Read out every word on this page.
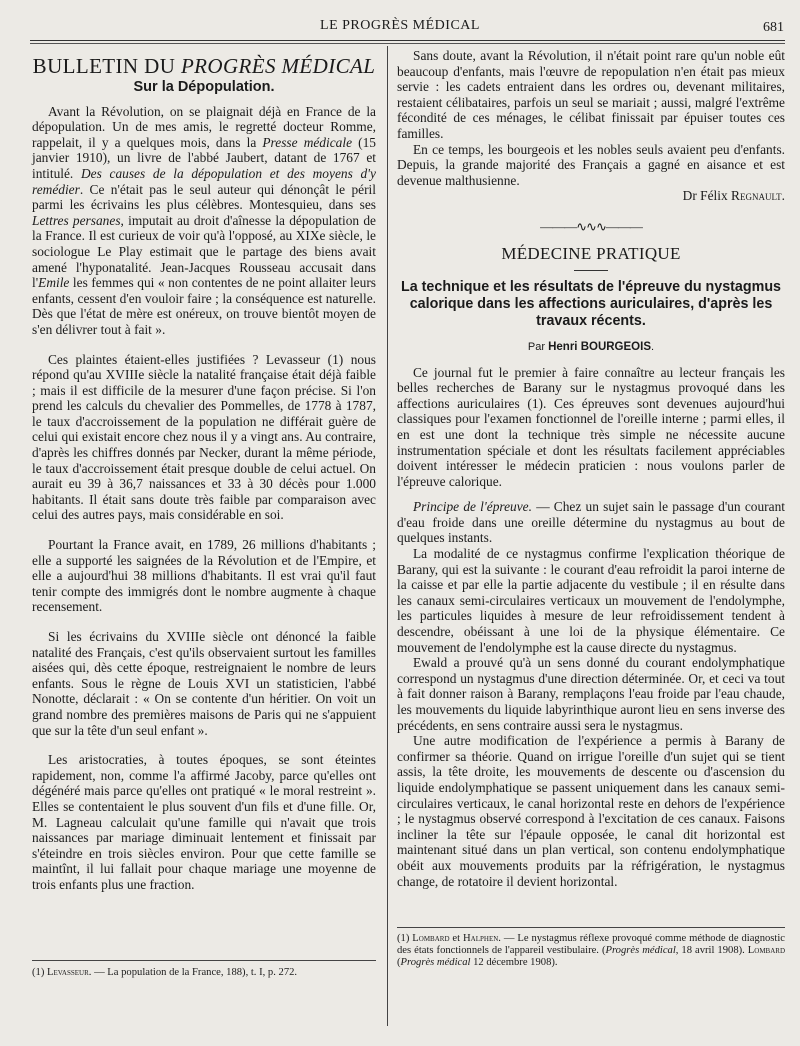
LE PROGRÈS MÉDICAL	681
BULLETIN DU PROGRÈS MÉDICAL
Sur la Dépopulation.

Avant la Révolution, on se plaignait déjà en France de la dépopulation. Un de mes amis, le regretté docteur Romme, rappelait, il y a quelques mois, dans la Presse médicale (15 janvier 1910), un livre de l'abbé Jaubert, datant de 1767 et intitulé. Des causes de la dépopulation et des moyens d'y remédier. Ce n'était pas le seul auteur qui dénonçât le péril parmi les écrivains les plus célèbres. Montesquieu, dans ses Lettres persanes, imputait au droit d'aînesse la dépopulation de la France. Il est curieux de voir qu'à l'opposé, au XIXe siècle, le sociologue Le Play estimait que le partage des biens avait amené l'hyponatalité. Jean-Jacques Rousseau accusait dans l'Emile les femmes qui « non contentes de ne point allaiter leurs enfants, cessent d'en vouloir faire ; la conséquence est naturelle. Dès que l'état de mère est onéreux, on trouve bientôt moyen de s'en délivrer tout à fait ».

Ces plaintes étaient-elles justifiées ? Levasseur (1) nous répond qu'au XVIIIe siècle la natalité française était déjà faible ; mais il est difficile de la mesurer d'une façon précise. Si l'on prend les calculs du chevalier des Pommelles, de 1778 à 1787, le taux d'accroissement de la population ne différait guère de celui qui existait encore chez nous il y a vingt ans. Au contraire, d'après les chiffres donnés par Necker, durant la même période, le taux d'accroissement était presque double de celui actuel. On aurait eu 39 à 36,7 naissances et 33 à 30 décès pour 1.000 habitants. Il était sans doute très faible par comparaison avec celui des autres pays, mais considérable en soi.

Pourtant la France avait, en 1789, 26 millions d'habitants ; elle a supporté les saignées de la Révolution et de l'Empire, et elle a aujourd'hui 38 millions d'habitants. Il est vrai qu'il faut tenir compte des immigrés dont le nombre augmente à chaque recensement.

Si les écrivains du XVIIIe siècle ont dénoncé la faible natalité des Français, c'est qu'ils observaient surtout les familles aisées qui, dès cette époque, restreignaient le nombre de leurs enfants. Sous le règne de Louis XVI un statisticien, l'abbé Nonotte, déclarait : « On se contente d'un héritier. On voit un grand nombre des premières maisons de Paris qui ne s'appuient que sur la tête d'un seul enfant ».

Les aristocraties, à toutes époques, se sont éteintes rapidement, non, comme l'a affirmé Jacoby, parce qu'elles ont dégénéré mais parce qu'elles ont pratiqué « le moral restreint ». Elles se contentaient le plus souvent d'un fils et d'une fille. Or, M. Lagneau calculait qu'une famille qui n'avait que trois naissances par mariage diminuait lentement et finissait par s'éteindre en trois siècles environ. Pour que cette famille se maintînt, il lui fallait pour chaque mariage une moyenne de trois enfants plus une fraction.

(1) Levasseur. — La population de la France, 188), t. I, p. 272.

Sans doute, avant la Révolution, il n'était point rare qu'un noble eût beaucoup d'enfants, mais l'œuvre de repopulation n'en était pas mieux servie : les cadets entraient dans les ordres ou, devenant militaires, restaient célibataires, parfois un seul se mariait ; aussi, malgré l'extrême fécondité de ces ménages, le célibat finissait par épuiser toutes ces familles.

En ce temps, les bourgeois et les nobles seuls avaient peu d'enfants. Depuis, la grande majorité des Français a gagné en aisance et est devenue malthusienne.

Dr Félix Regnault.

———∿∿∿———
MÉDECINE PRATIQUE
La technique et les résultats de l'épreuve du nystagmus calorique dans les affections auriculaires, d'après les travaux récents.
Par Henri BOURGEOIS.

Ce journal fut le premier à faire connaître au lecteur français les belles recherches de Barany sur le nystagmus provoqué dans les affections auriculaires (1). Ces épreuves sont devenues aujourd'hui classiques pour l'examen fonctionnel de l'oreille interne ; parmi elles, il en est une dont la technique très simple ne nécessite aucune instrumentation spéciale et dont les résultats facilement appréciables doivent intéresser le médecin praticien : nous voulons parler de l'épreuve calorique.

Principe de l'épreuve. — Chez un sujet sain le passage d'un courant d'eau froide dans une oreille détermine du nystagmus au bout de quelques instants.

La modalité de ce nystagmus confirme l'explication théorique de Barany, qui est la suivante : le courant d'eau refroidit la paroi interne de la caisse et par elle la partie adjacente du vestibule ; il en résulte dans les canaux semi-circulaires verticaux un mouvement de l'endolymphe, les particules liquides à mesure de leur refroidissement tendent à descendre, obéissant à une loi de la physique élémentaire. Ce mouvement de l'endolymphe est la cause directe du nystagmus.

Ewald a prouvé qu'à un sens donné du courant endolymphatique correspond un nystagmus d'une direction déterminée. Or, et ceci va tout à fait donner raison à Barany, remplaçons l'eau froide par l'eau chaude, les mouvements du liquide labyrinthique auront lieu en sens inverse des précédents, en sens contraire aussi sera le nystagmus.

Une autre modification de l'expérience a permis à Barany de confirmer sa théorie. Quand on irrigue l'oreille d'un sujet qui se tient assis, la tête droite, les mouvements de descente ou d'ascension du liquide endolymphatique se passent uniquement dans les canaux semi-circulaires verticaux, le canal horizontal reste en dehors de l'expérience ; le nystagmus observé correspond à l'excitation de ces canaux. Faisons incliner la tête sur l'épaule opposée, le canal dit horizontal est maintenant situé dans un plan vertical, son contenu endolymphatique obéit aux mouvements produits par la réfrigération, le nystagmus change, de rotatoire il devient horizontal.

(1) Lombard et Halphen. — Le nystagmus réflexe provoqué comme méthode de diagnostic des états fonctionnels de l'appareil vestibulaire. (Progrès médical, 18 avril 1908). Lombard (Progrès médical 12 décembre 1908).
